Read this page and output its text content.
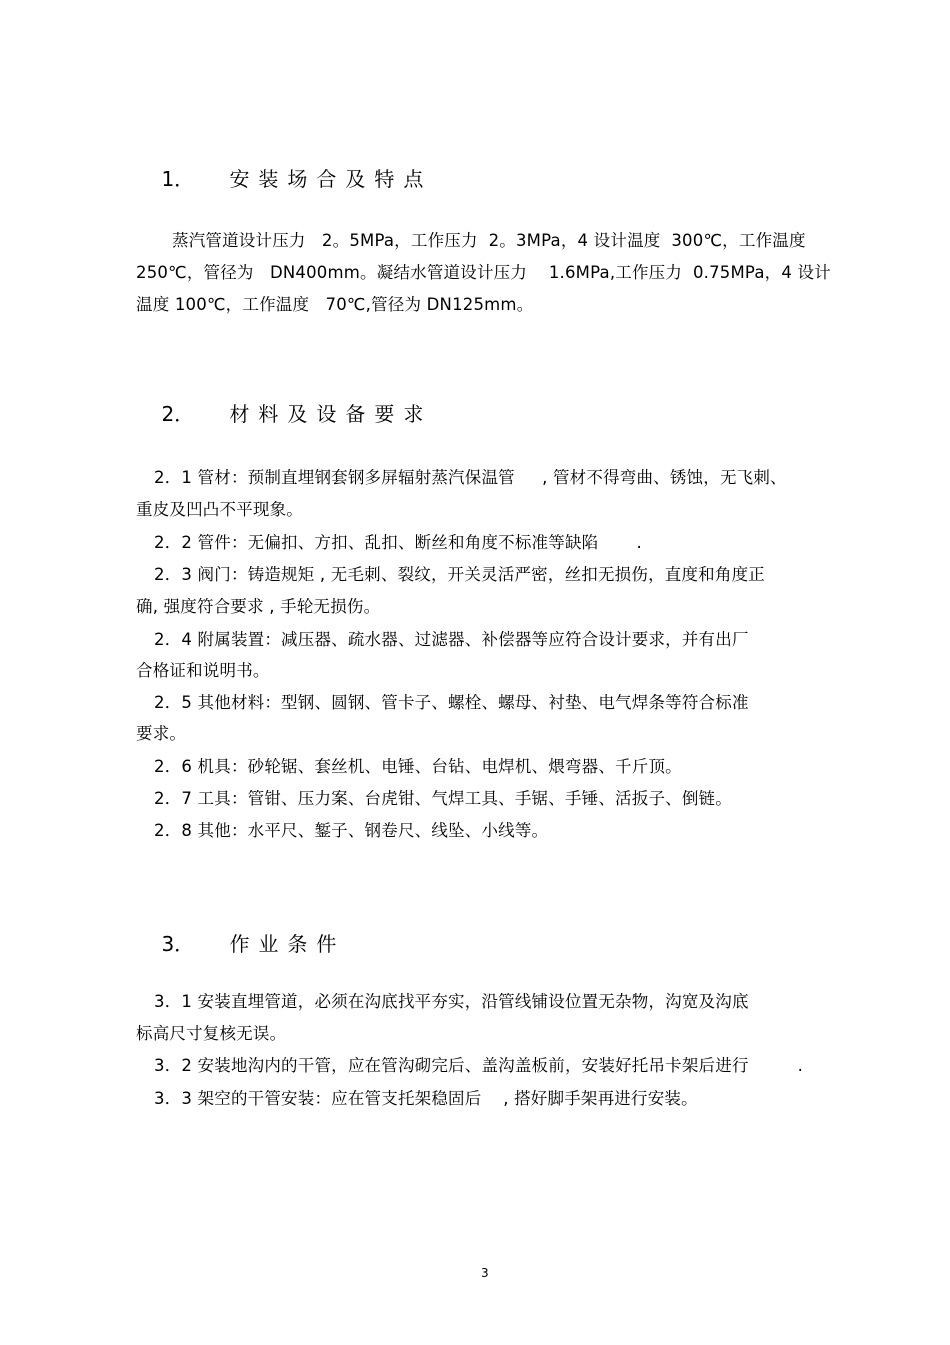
1． 安装场合及特点

蒸汽管道设计压力   2。5MPa，工作压力  2。3MPa，4 设计温度  300℃，工作温度
250℃，管径为   DN400mm。凝结水管道设计压力    1.6MPa,工作压力  0.75MPa，4 设计
温度 100℃，工作温度   70℃,管径为 DN125mm。

2． 材料及设备要求

2．1 管材：预制直埋钢套钢多屏辐射蒸汽保温管     , 管材不得弯曲、锈蚀，无飞刺、
重皮及凹凸不平现象。
2．2 管件：无偏扣、方扣、乱扣、断丝和角度不标准等缺陷       .
2．3 阀门：铸造规矩 , 无毛刺、裂纹，开关灵活严密，丝扣无损伤，直度和角度正
确, 强度符合要求 , 手轮无损伤。
2．4 附属装置：减压器、疏水器、过滤器、补偿器等应符合设计要求，并有出厂
合格证和说明书。
2．5 其他材料：型钢、圆钢、管卡子、螺栓、螺母、衬垫、电气焊条等符合标准
要求。
2．6 机具：砂轮锯、套丝机、电锤、台钻、电焊机、煨弯器、千斤顶。
2．7 工具：管钳、压力案、台虎钳、气焊工具、手锯、手锤、活扳子、倒链。
2．8 其他：水平尺、錾子、钢卷尺、线坠、小线等。

3． 作业条件

3．1 安装直埋管道，必须在沟底找平夯实，沿管线铺设位置无杂物，沟宽及沟底
标高尺寸复核无误。
3．2 安装地沟内的干管，应在管沟砌完后、盖沟盖板前，安装好托吊卡架后进行         .
3．3 架空的干管安装：应在管支托架稳固后    , 搭好脚手架再进行安装。
3
